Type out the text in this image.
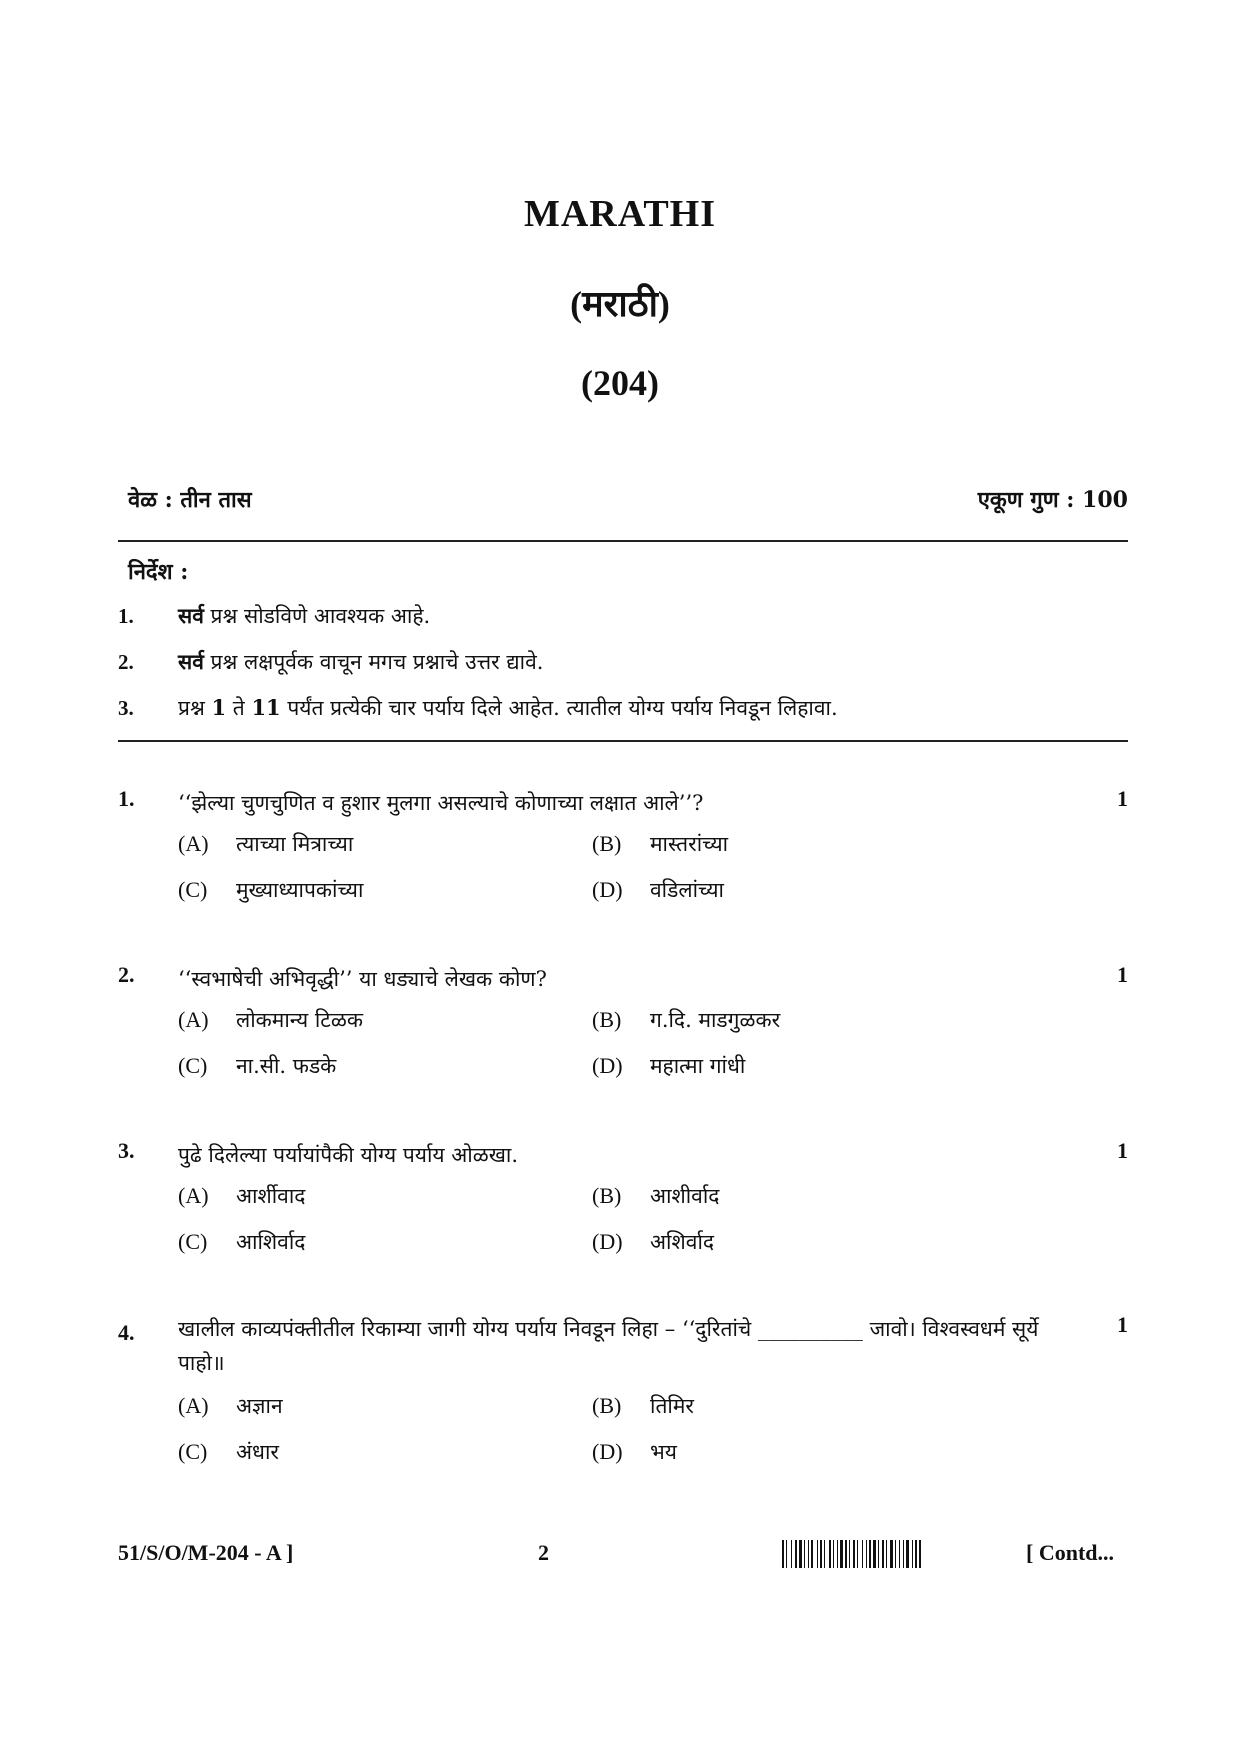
MARATHI
(मराठी)
(204)
वेळ : तीन तास	एकूण गुण : 100
निर्देश :
1. सर्व प्रश्न सोडविणे आवश्यक आहे.
2. सर्व प्रश्न लक्षपूर्वक वाचून मगच प्रश्नाचे उत्तर द्यावे.
3. प्रश्न 1 ते 11 पर्यंत प्रत्येकी चार पर्याय दिले आहेत. त्यातील योग्य पर्याय निवडून लिहावा.
1. ‘‘झेल्या चुणचुणित व हुशार मुलगा असल्याचे कोणाच्या लक्षात आले’’?	1
(A) त्याच्या मित्राच्या	(B) मास्तरांच्या
(C) मुख्याध्यापकांच्या	(D) वडिलांच्या
2. ‘‘स्वभाषेची अभिवृद्धी’’ या धड्याचे लेखक कोण?	1
(A) लोकमान्य टिळक	(B) ग.दि. माडगुळकर
(C) ना.सी. फडके	(D) महात्मा गांधी
3. पुढे दिलेल्या पर्यायांपैकी योग्य पर्याय ओळखा.	1
(A) आर्शीवाद	(B) आशीर्वाद
(C) आशिर्वाद	(D) अशिर्वाद
4. खालील काव्यपंक्तीतील रिकाम्या जागी योग्य पर्याय निवडून लिहा – ‘‘दुरितांचे __________ जावो। विश्वस्वधर्म सूर्ये पाहो॥
1
(A) अज्ञान	(B) तिमिर
(C) अंधार	(D) भय
51/S/O/M-204 - A ]	2	[ Contd...
